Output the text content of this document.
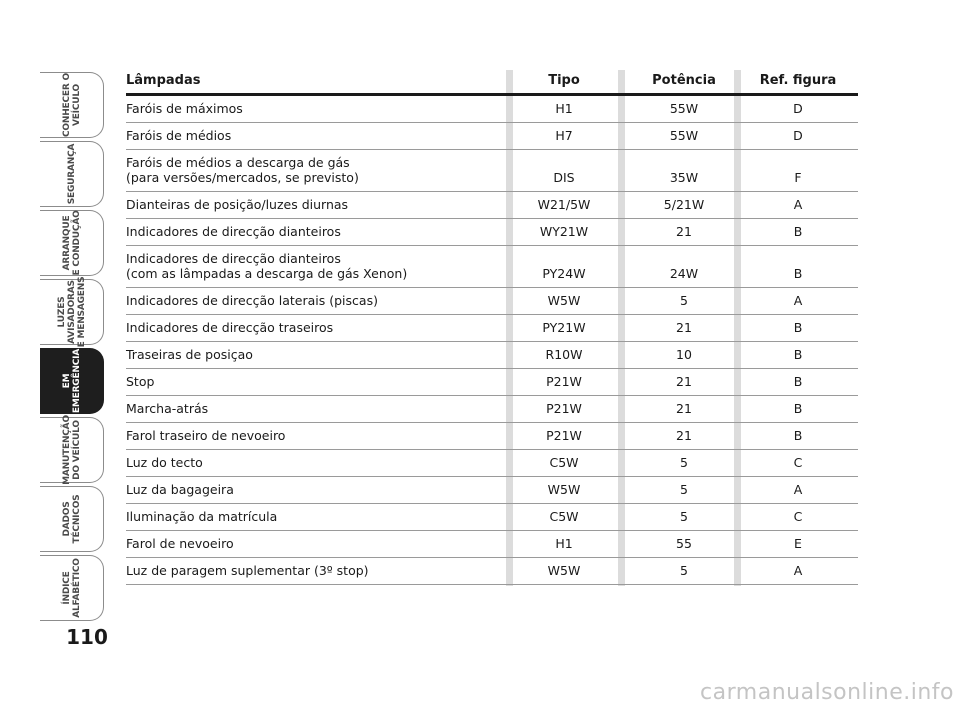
CONHECER O
VEÍCULO
SEGURANÇA
ARRANQUE
E CONDUÇÃO
LUZES
AVISADORAS
E MENSAGENS
EM
EMERGÊNCIA
MANUTENÇÃO
DO VEÍCULO
DADOS
TÉCNICOS
ÍNDICE
ALFABÉTICO
110
Lâmpadas	Tipo	Potência	Ref. figura
Faróis de máximos	H1	55W	D
Faróis de médios	H7	55W	D
Faróis de médios a descarga de gás
(para versões/mercados, se previsto)	DIS	35W	F
Dianteiras de posição/luzes diurnas	W21/5W	5/21W	A
Indicadores de direcção dianteiros	WY21W	21	B
Indicadores de direcção dianteiros
(com as lâmpadas a descarga de gás Xenon)	PY24W	24W	B
Indicadores de direcção laterais (piscas)	W5W	5	A
Indicadores de direcção traseiros	PY21W	21	B
Traseiras de posiçao	R10W	10	B
Stop	P21W	21	B
Marcha-atrás	P21W	21	B
Farol traseiro de nevoeiro	P21W	21	B
Luz do tecto	C5W	5	C
Luz da bagageira	W5W	5	A
Iluminação da matrícula	C5W	5	C
Farol de nevoeiro	H1	55	E
Luz de paragem suplementar (3º stop)	W5W	5	A
carmanualsonline.info
